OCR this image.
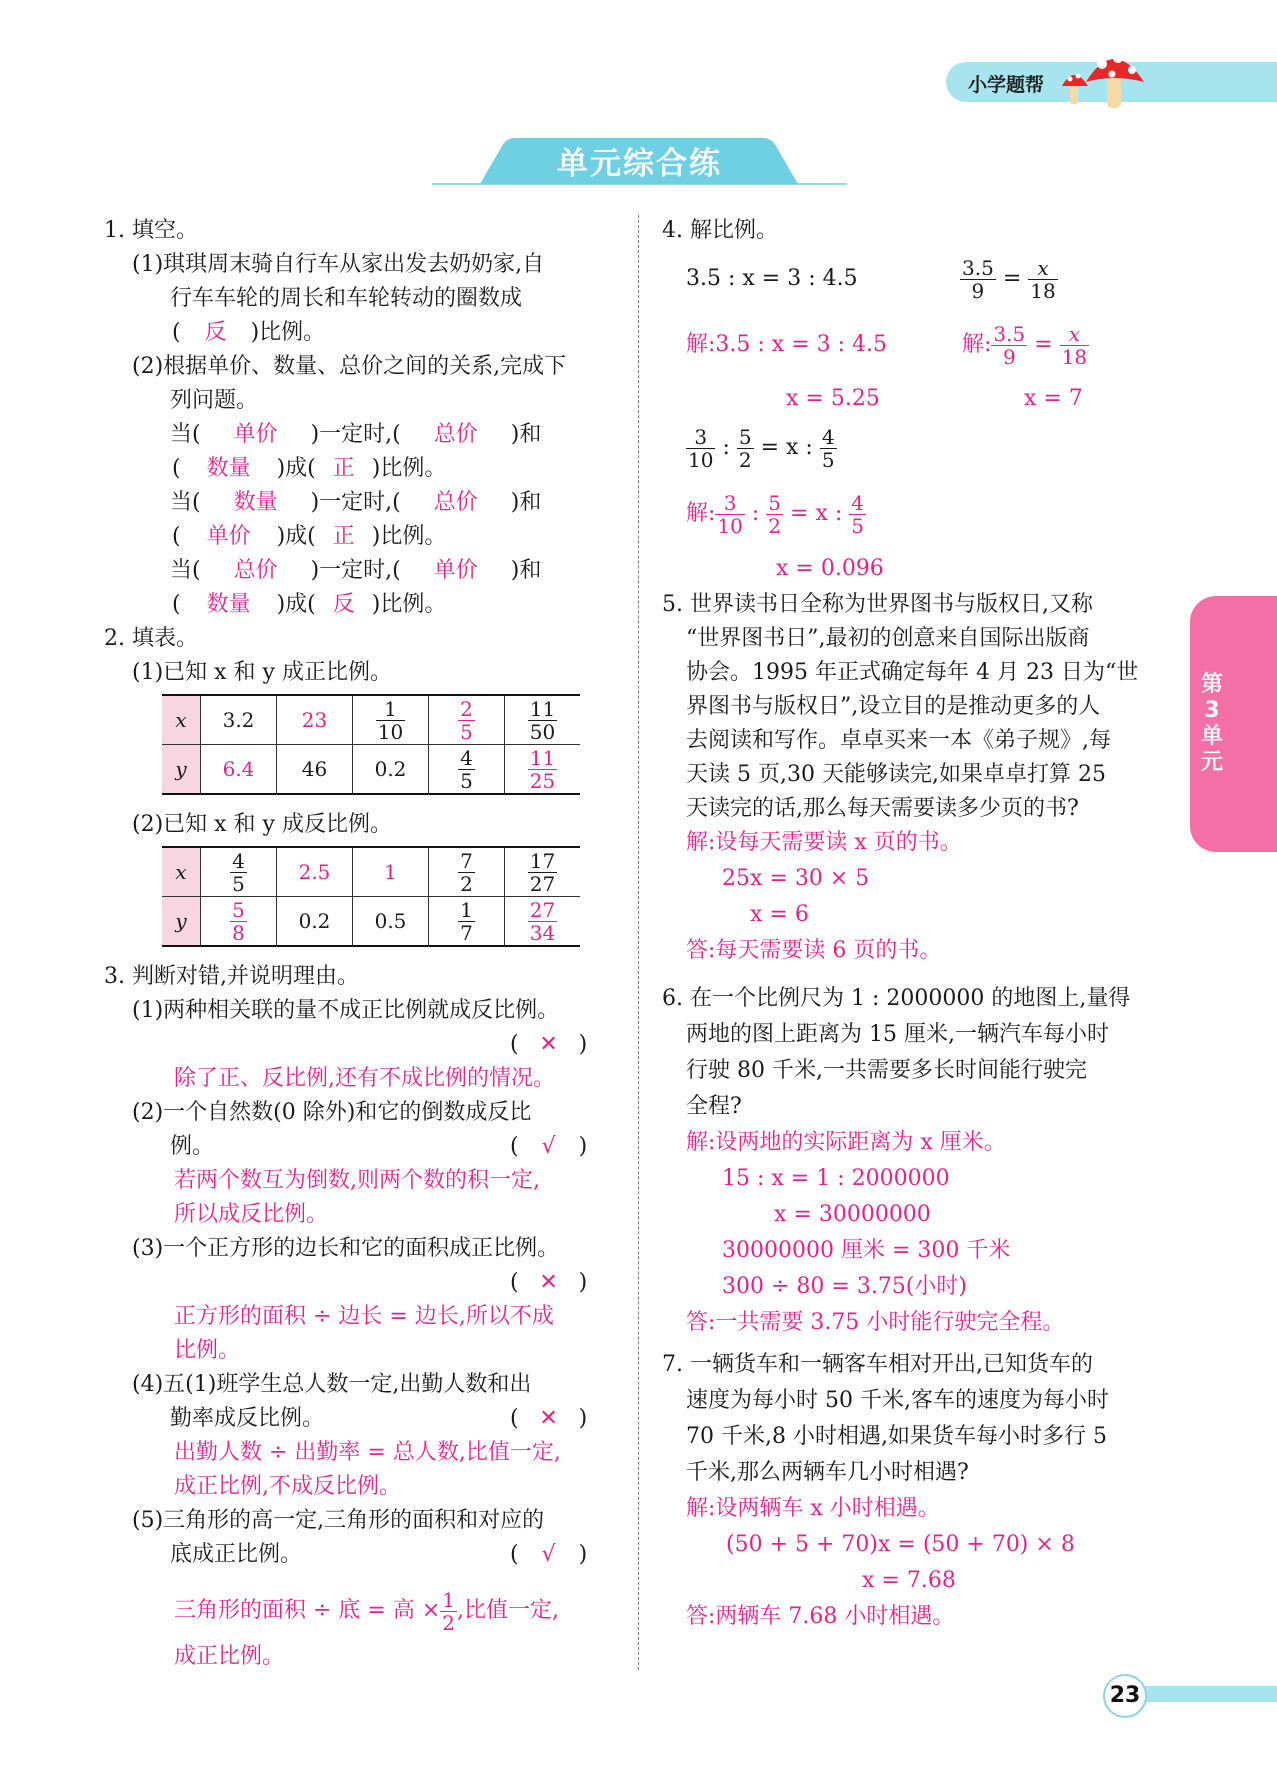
小学题帮
单元综合练
第
3
单
元
1. 填空。
(1)琪琪周末骑自行车从家出发去奶奶家,自
行车车轮的周长和车轮转动的圈数成
( 反 )比例。
(2)根据单价、数量、总价之间的关系,完成下
列问题。
当( 单价 )一定时,( 总价 )和
( 数量 )成( 正 )比例。
当( 数量 )一定时,( 总价 )和
( 单价 )成( 正 )比例。
当( 总价 )一定时,( 单价 )和
( 数量 )成( 反 )比例。
2. 填表。
(1)已知 x 和 y 成正比例。
x	3.2	23	$\frac{1}{10}$	$\frac{2}{5}$	$\frac{11}{50}$

y	6.4	46	0.2	$\frac{4}{5}$	$\frac{11}{25}$
(2)已知 x 和 y 成反比例。
x	$\frac{4}{5}$	2.5	1	$\frac{7}{2}$	$\frac{17}{27}$

y	$\frac{5}{8}$	0.2	0.5	$\frac{1}{7}$	$\frac{27}{34}$
3. 判断对错,并说明理由。
(1)两种相关联的量不成正比例就成反比例。
( ✕ )
除了正、反比例,还有不成比例的情况。
(2)一个自然数(0 除外)和它的倒数成反比
例。	( √ )
若两个数互为倒数,则两个数的积一定,
所以成反比例。
(3)一个正方形的边长和它的面积成正比例。
( ✕ )
正方形的面积 ÷ 边长 = 边长,所以不成
比例。
(4)五(1)班学生总人数一定,出勤人数和出
勤率成反比例。	( ✕ )
出勤人数 ÷ 出勤率 = 总人数,比值一定,
成正比例,不成反比例。
(5)三角形的高一定,三角形的面积和对应的
底成正比例。	( √ )
三角形的面积 ÷ 底 = 高 × $\frac{1}{2}$ ,比值一定,
成正比例。
4. 解比例。
3.5 : x = 3 : 4.5	$\frac{3.5}{9} = \frac{x}{18}$
解:3.5 : x = 3 : 4.5	解: $\frac{3.5}{9} = \frac{x}{18}$
x = 5.25	x = 7
$\frac{3}{10}$ : $\frac{5}{2} = x$ : $\frac{4}{5}$
解: $\frac{3}{10}$ : $\frac{5}{2} = x$ : $\frac{4}{5}$
x = 0.096
5. 世界读书日全称为世界图书与版权日,又称
“世界图书日”,最初的创意来自国际出版商
协会。1995 年正式确定每年 4 月 23 日为“世
界图书与版权日”,设立目的是推动更多的人
去阅读和写作。卓卓买来一本《弟子规》,每
天读 5 页,30 天能够读完,如果卓卓打算 25
天读完的话,那么每天需要读多少页的书?
解:设每天需要读 x 页的书。
25x = 30 × 5
x = 6
答:每天需要读 6 页的书。
6. 在一个比例尺为 1 : 2000000 的地图上,量得
两地的图上距离为 15 厘米,一辆汽车每小时
行驶 80 千米,一共需要多长时间能行驶完
全程?
解:设两地的实际距离为 x 厘米。
15 : x = 1 : 2000000
x = 30000000
30000000 厘米 = 300 千米
300 ÷ 80 = 3.75(小时)
答:一共需要 3.75 小时能行驶完全程。
7. 一辆货车和一辆客车相对开出,已知货车的
速度为每小时 50 千米,客车的速度为每小时
70 千米,8 小时相遇,如果货车每小时多行 5
千米,那么两辆车几小时相遇?
解:设两辆车 x 小时相遇。
(50 + 5 + 70)x = (50 + 70) × 8
x = 7.68
答:两辆车 7.68 小时相遇。
23
